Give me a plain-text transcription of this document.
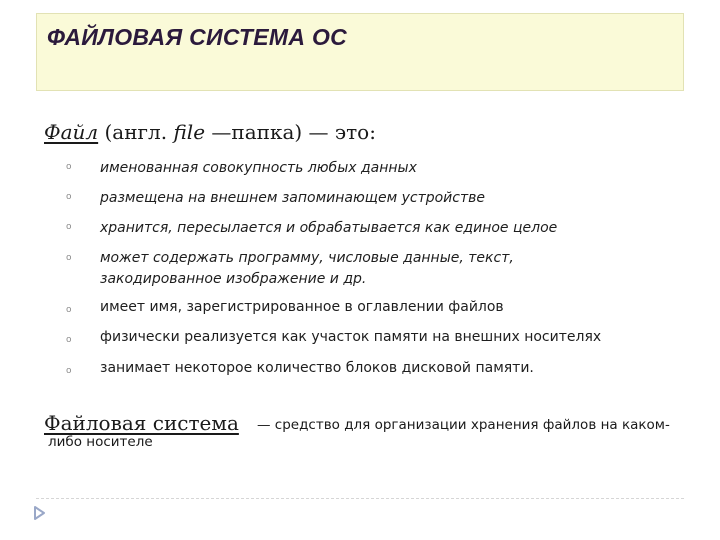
ФАЙЛОВАЯ СИСТЕМА ОС
Файл (англ. file —папка) — это:
o	именованная совокупность любых данных
o	размещена на внешнем запоминающем устройстве
o	хранится, пересылается и обрабатывается как единое целое
o	может содержать программу, числовые данные, текст,
закодированное изображение и др.
o	имеет имя, зарегистрированное в оглавлении файлов
o	физически реализуется как участок памяти на внешних носителях
o	занимает некоторое количество блоков дисковой памяти.
Файловая система — средство для организации хранения файлов на каком-
либо носителе
